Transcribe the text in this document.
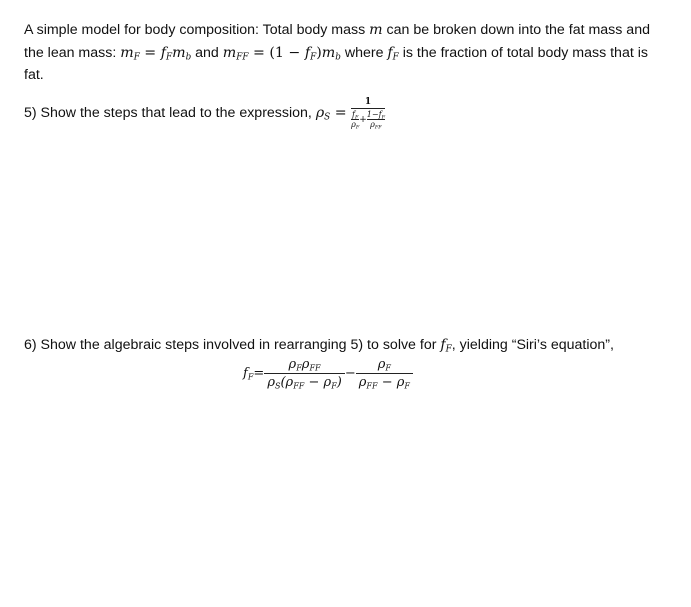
A simple model for body composition: Total body mass m can be broken down into the fat mass and the lean mass: $m_F = f_Fm_b$ and $m_{FF} = (1 - f_F)m_b$ where $f_F$ is the fraction of total body mass that is fat.
5) Show the steps that lead to the expression, $\rho_S = 1$
$\frac{f_F}{\rho_F}$ +
$1-f_F$
$\rho_{FF}$
6) Show the algebraic steps involved in rearranging 5) to solve for $f_F$, yielding “Siri’s equation”,
$f_F=$
$\rho_F\rho_{FF}$
$\rho_S(\rho_{FF} - \rho_F)$
−
$\rho_F$
$\rho_{FF} - \rho_F$
